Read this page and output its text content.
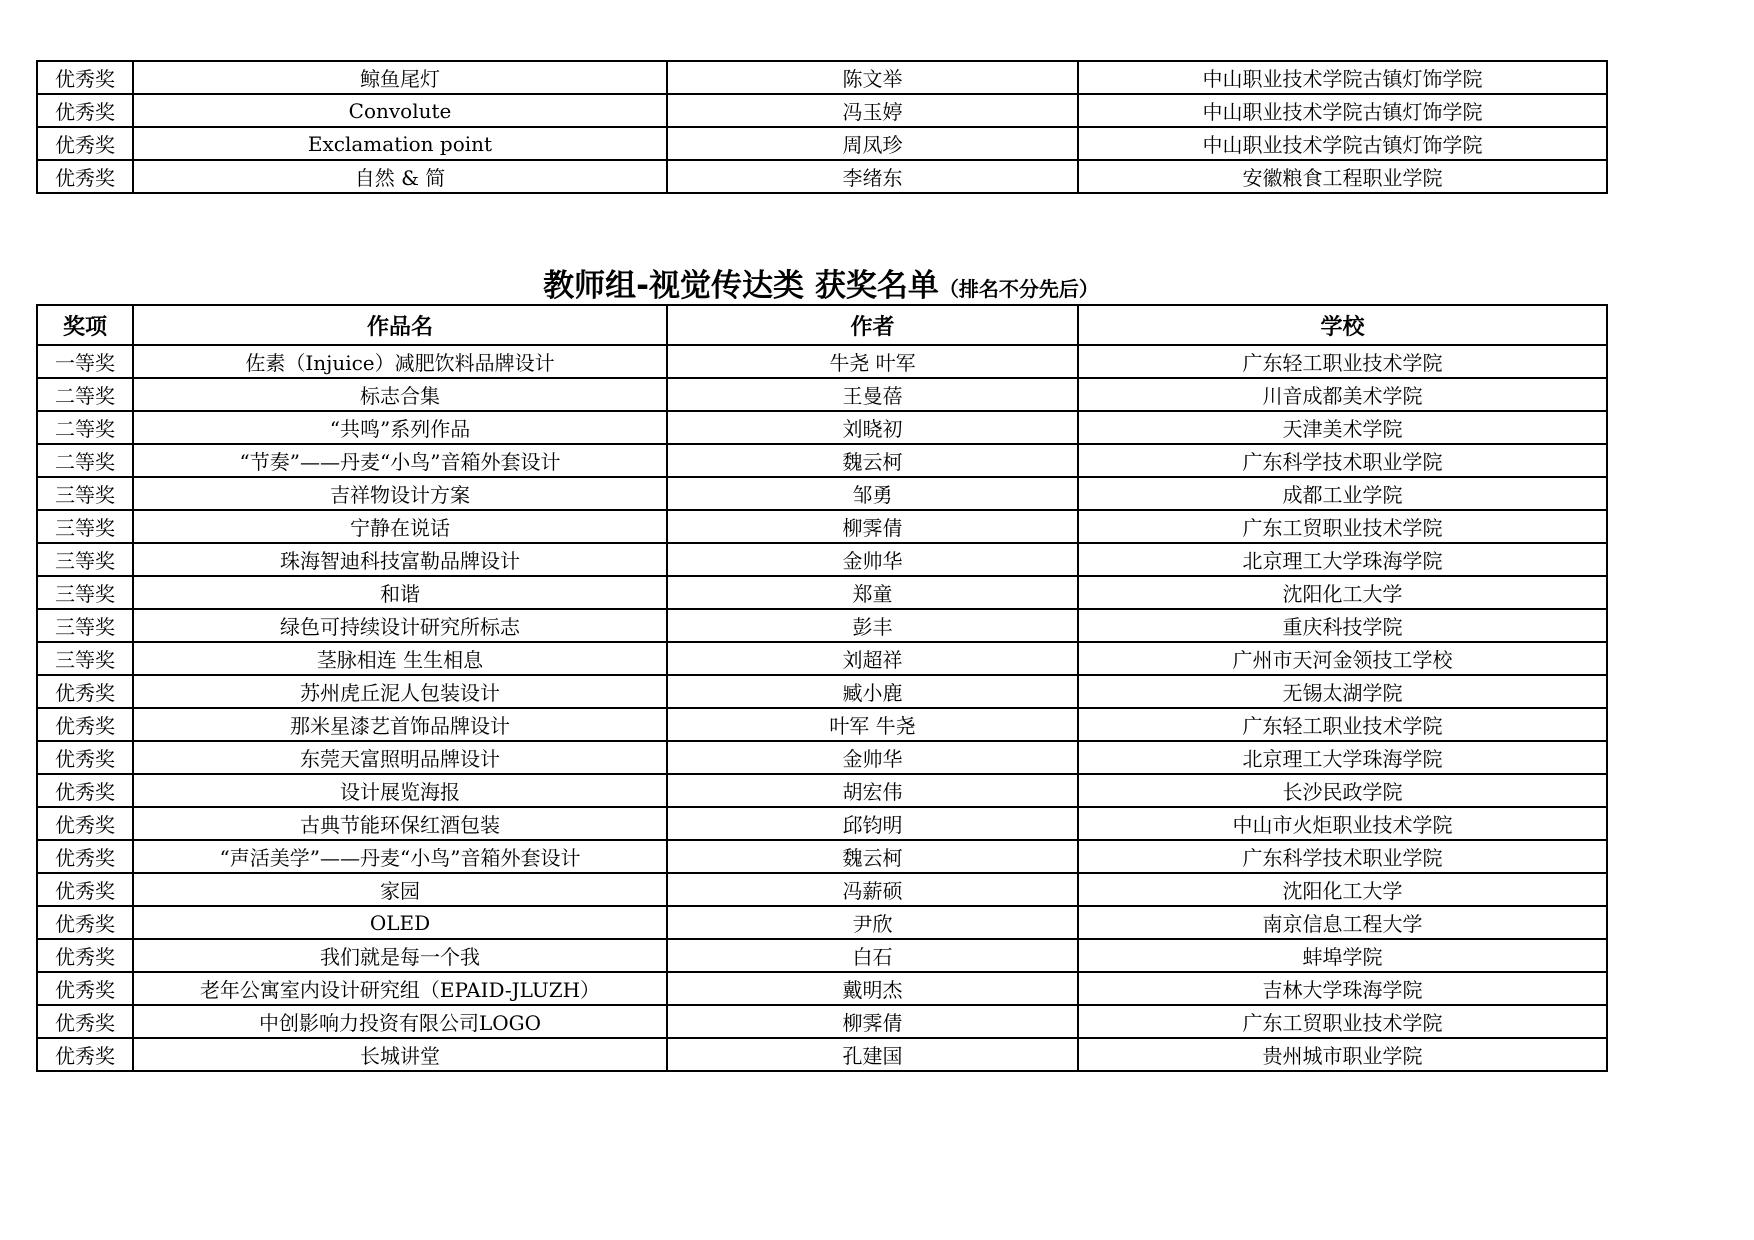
优秀奖	鲸鱼尾灯	陈文举	中山职业技术学院古镇灯饰学院
优秀奖	Convolute	冯玉婷	中山职业技术学院古镇灯饰学院
优秀奖	Exclamation point	周凤珍	中山职业技术学院古镇灯饰学院
优秀奖	自然 & 简	李绪东	安徽粮食工程职业学院
教师组-视觉传达类 获奖名单（排名不分先后）
奖项	作品名	作者	学校
一等奖	佐素（Injuice）减肥饮料品牌设计	牛尧 叶军	广东轻工职业技术学院
二等奖	标志合集	王曼蓓	川音成都美术学院
二等奖	“共鸣”系列作品	刘晓初	天津美术学院
二等奖	“节奏”——丹麦“小鸟”音箱外套设计	魏云柯	广东科学技术职业学院
三等奖	吉祥物设计方案	邹勇	成都工业学院
三等奖	宁静在说话	柳霁倩	广东工贸职业技术学院
三等奖	珠海智迪科技富勒品牌设计	金帅华	北京理工大学珠海学院
三等奖	和谐	郑童	沈阳化工大学
三等奖	绿色可持续设计研究所标志	彭丰	重庆科技学院
三等奖	茎脉相连 生生相息	刘超祥	广州市天河金领技工学校
优秀奖	苏州虎丘泥人包装设计	臧小鹿	无锡太湖学院
优秀奖	那米星漆艺首饰品牌设计	叶军 牛尧	广东轻工职业技术学院
优秀奖	东莞天富照明品牌设计	金帅华	北京理工大学珠海学院
优秀奖	设计展览海报	胡宏伟	长沙民政学院
优秀奖	古典节能环保红酒包装	邱钧明	中山市火炬职业技术学院
优秀奖	“声活美学”——丹麦“小鸟”音箱外套设计	魏云柯	广东科学技术职业学院
优秀奖	家园	冯薪硕	沈阳化工大学
优秀奖	OLED	尹欣	南京信息工程大学
优秀奖	我们就是每一个我	白石	蚌埠学院
优秀奖	老年公寓室内设计研究组（EPAID-JLUZH）	戴明杰	吉林大学珠海学院
优秀奖	中创影响力投资有限公司LOGO	柳霁倩	广东工贸职业技术学院
优秀奖	长城讲堂	孔建国	贵州城市职业学院
